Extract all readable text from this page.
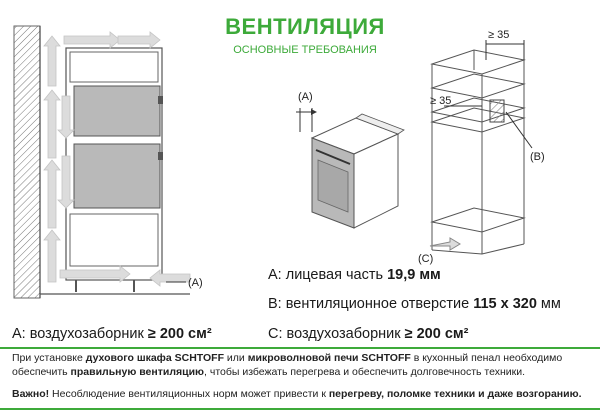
ВЕНТИЛЯЦИЯ
ОСНОВНЫЕ ТРЕБОВАНИЯ
(A)
(A)
≥ 35
≥ 35
(B)
(C)
A: лицевая часть 19,9 мм
B: вентиляционное отверстие 115 х 320 мм
C: воздухозаборник ≥ 200 см²
A: воздухозаборник ≥ 200 см²
При установке духового шкафа SCHTOFF или микроволновой печи SCHTOFF в кухонный пенал необходимо обеспечить правильную вентиляцию, чтобы избежать перегрева и обеспечить долговечность техники.
Важно! Несоблюдение вентиляционных норм может привести к перегреву, поломке техники и даже возгоранию.
